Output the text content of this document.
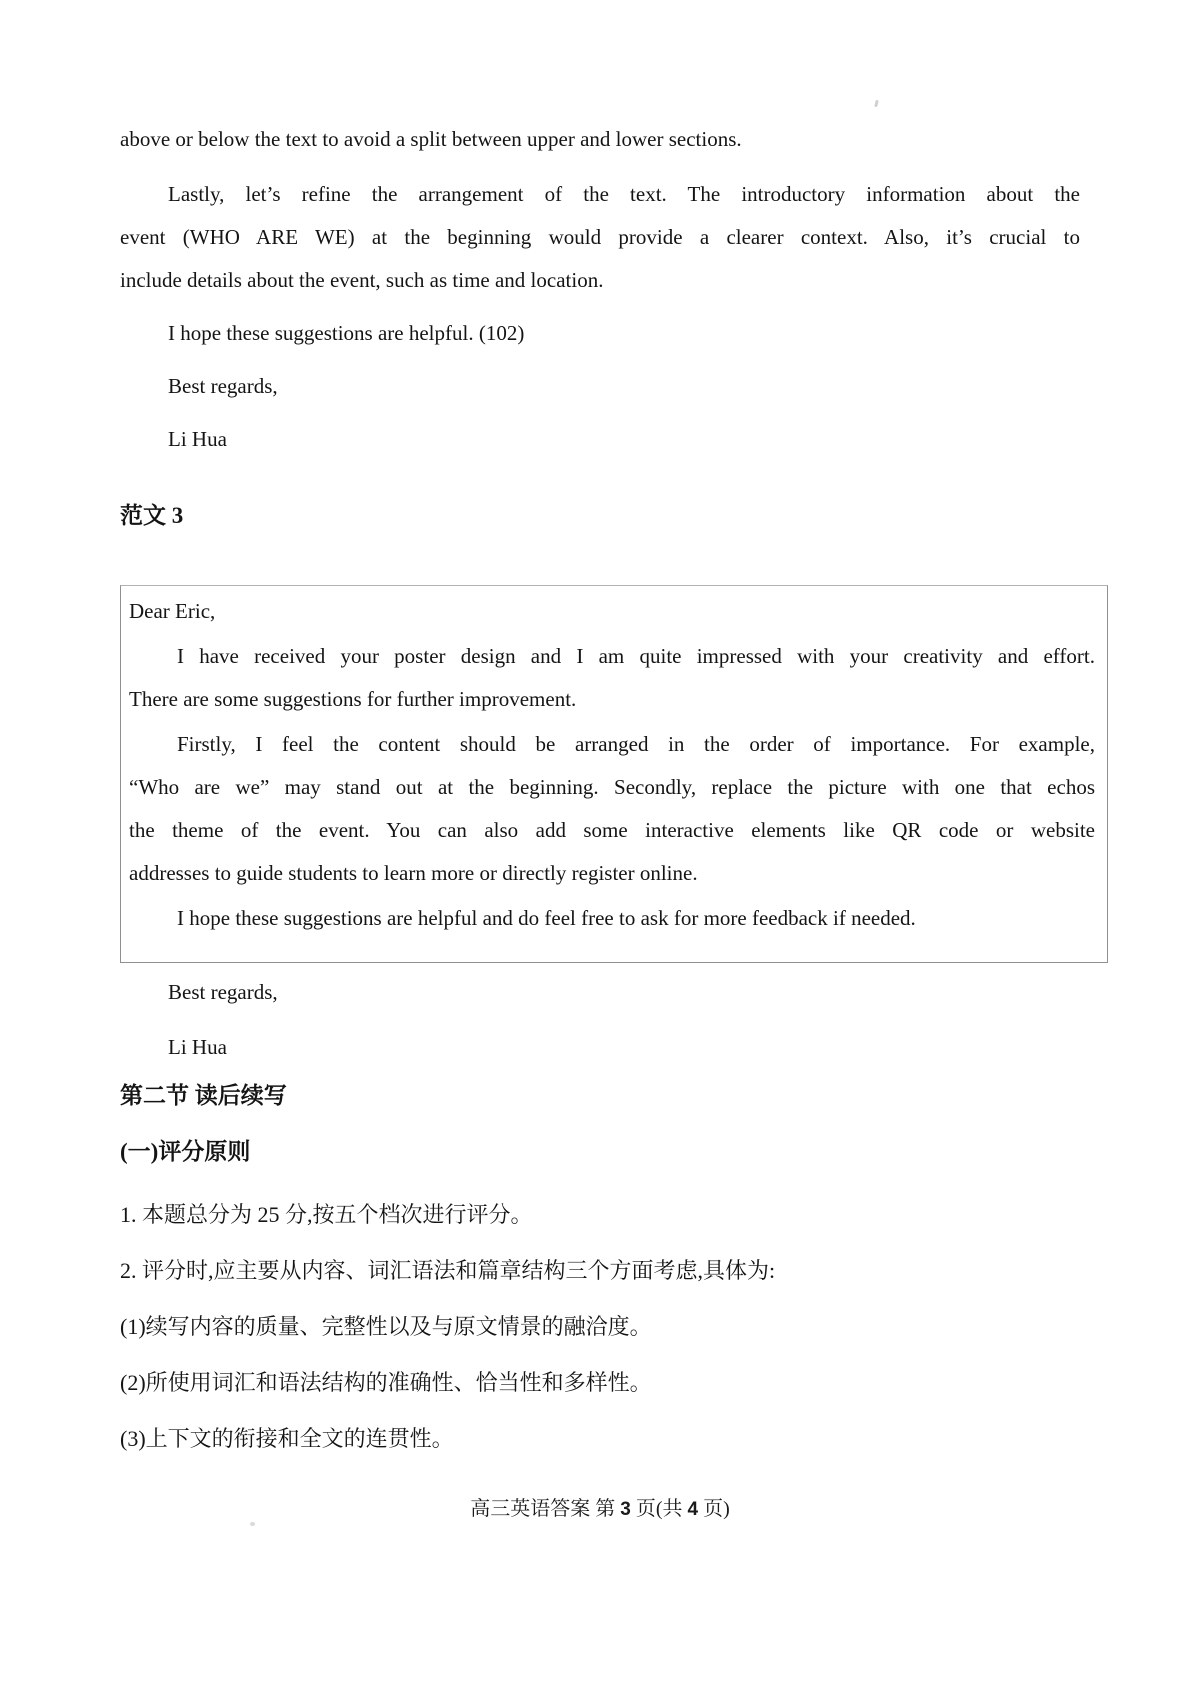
above or below the text to avoid a split between upper and lower sections.

Lastly, let’s refine the arrangement of the text. The introductory information about the
event (WHO ARE WE) at the beginning would provide a clearer context. Also, it’s crucial to
include details about the event, such as time and location.

I hope these suggestions are helpful. (102)

Best regards,

Li Hua

范文 3

Dear Eric,

I have received your poster design and I am quite impressed with your creativity and effort.
There are some suggestions for further improvement.
Firstly, I feel the content should be arranged in the order of importance. For example,
“Who are we” may stand out at the beginning. Secondly, replace the picture with one that echos
the theme of the event. You can also add some interactive elements like QR code or website
addresses to guide students to learn more or directly register online.

I hope these suggestions are helpful and do feel free to ask for more feedback if needed.

Best regards,

Li Hua

第二节 读后续写
(一)评分原则

1. 本题总分为 25 分,按五个档次进行评分。

2. 评分时,应主要从内容、词汇语法和篇章结构三个方面考虑,具体为:

(1)续写内容的质量、完整性以及与原文情景的融洽度。

(2)所使用词汇和语法结构的准确性、恰当性和多样性。

(3)上下文的衔接和全文的连贯性。

高三英语答案 第 3 页(共 4 页)
